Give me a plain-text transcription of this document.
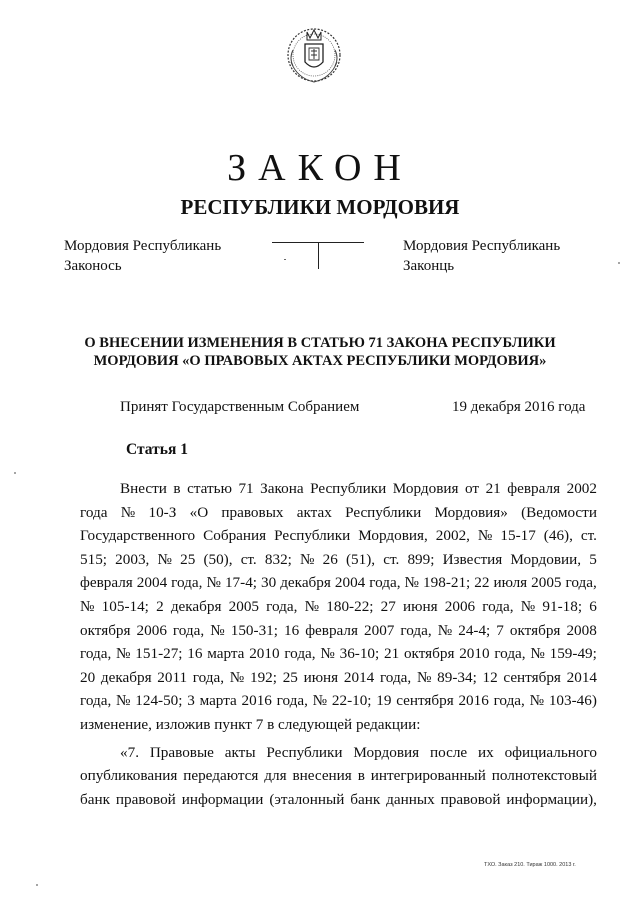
ЗАКОН
РЕСПУБЛИКИ МОРДОВИЯ
Мордовия Республикань
Законось
Мордовия Республикань
Законць
О ВНЕСЕНИИ ИЗМЕНЕНИЯ В СТАТЬЮ 71 ЗАКОНА РЕСПУБЛИКИ
МОРДОВИЯ «О ПРАВОВЫХ АКТАХ РЕСПУБЛИКИ МОРДОВИЯ»
Принят Государственным Собранием	19 декабря 2016 года
Статья 1
Внести в статью 71 Закона Республики Мордовия от 21 февраля 2002
года № 10-З «О правовых актах Республики Мордовия» (Ведомости
Государственного Собрания Республики Мордовия, 2002, № 15-17 (46), ст.
515; 2003, № 25 (50), ст. 832; № 26 (51), ст. 899; Известия Мордовии, 5
февраля 2004 года, № 17-4; 30 декабря 2004 года, № 198-21; 22 июля 2005 года,
№ 105-14; 2 декабря 2005 года, № 180-22; 27 июня 2006 года, № 91-18; 6
октября 2006 года, № 150-31; 16 февраля 2007 года, № 24-4; 7 октября 2008
года, № 151-27; 16 марта 2010 года, № 36-10; 21 октября 2010 года, № 159-49;
20 декабря 2011 года, № 192; 25 июня 2014 года, № 89-34; 12 сентября 2014
года, № 124-50; 3 марта 2016 года, № 22-10; 19 сентября 2016 года, № 103-46)
изменение, изложив пункт 7 в следующей редакции:
«7. Правовые акты Республики Мордовия после их официального
опубликования передаются для внесения в интегрированный полнотекстовый
банк правовой информации (эталонный банк данных правовой информации),
ТХО. Заказ 210. Тираж 1000. 2013 г.
